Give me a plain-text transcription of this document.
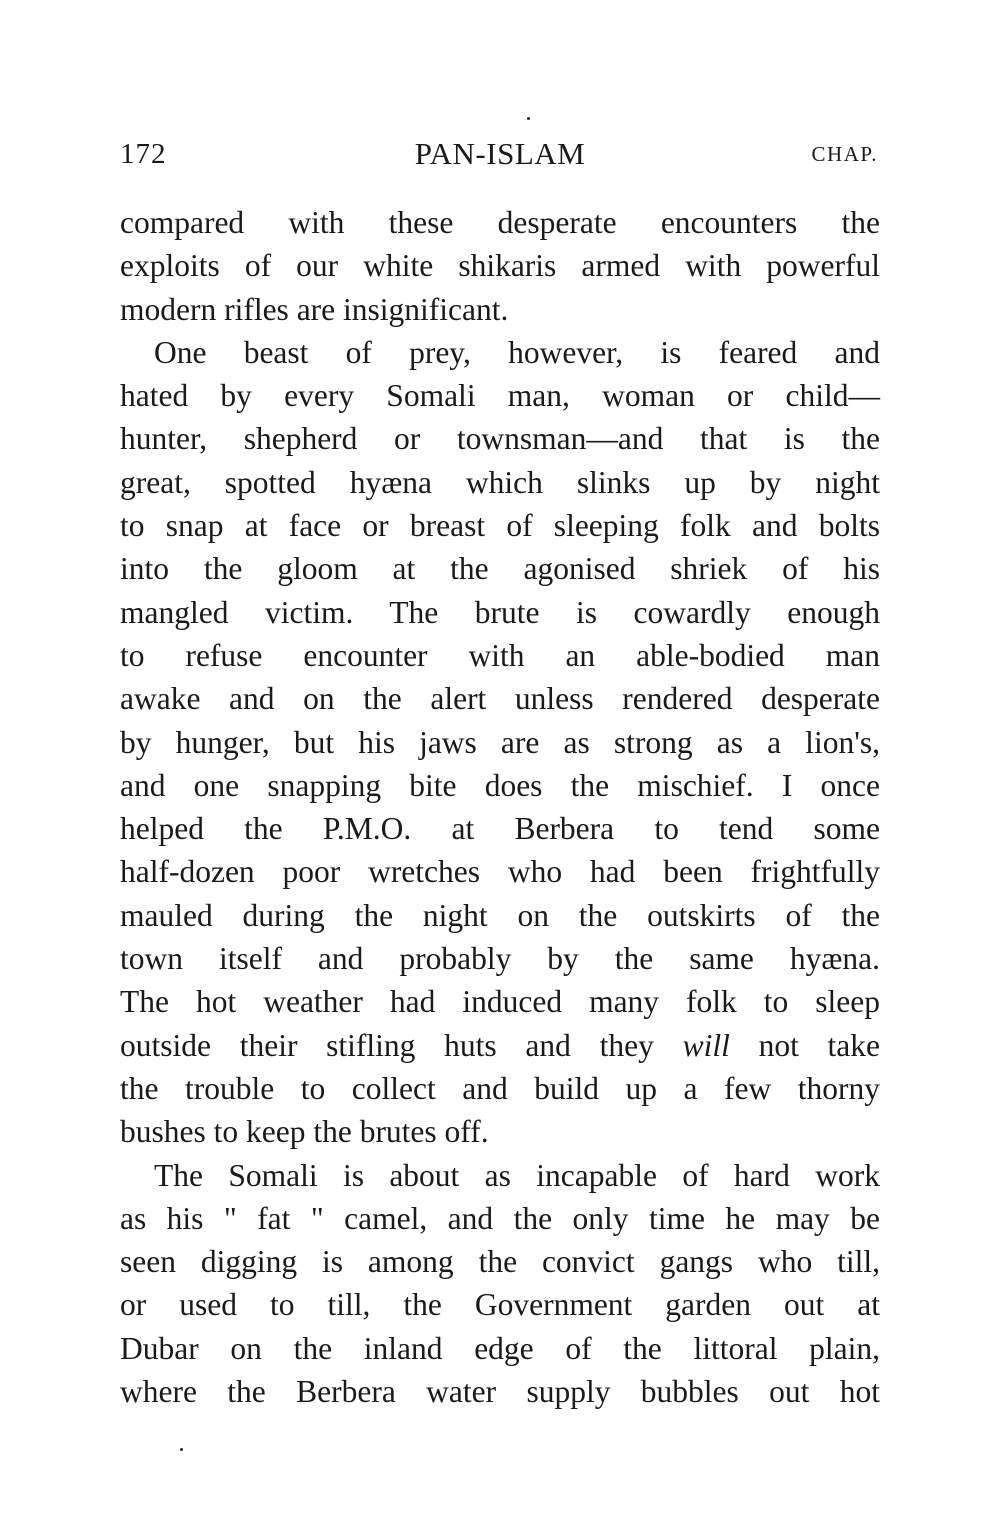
172	PAN-ISLAM	CHAP.
compared with these desperate encounters the
exploits of our white shikaris armed with powerful
modern rifles are insignificant.
One beast of prey, however, is feared and
hated by every Somali man, woman or child—
hunter, shepherd or townsman—and that is the
great, spotted hyæna which slinks up by night
to snap at face or breast of sleeping folk and bolts
into the gloom at the agonised shriek of his
mangled victim. The brute is cowardly enough
to refuse encounter with an able-bodied man
awake and on the alert unless rendered desperate
by hunger, but his jaws are as strong as a lion's,
and one snapping bite does the mischief. I once
helped the P.M.O. at Berbera to tend some
half-dozen poor wretches who had been frightfully
mauled during the night on the outskirts of the
town itself and probably by the same hyæna.
The hot weather had induced many folk to sleep
outside their stifling huts and they will not take
the trouble to collect and build up a few thorny
bushes to keep the brutes off.
The Somali is about as incapable of hard work
as his " fat " camel, and the only time he may be
seen digging is among the convict gangs who till,
or used to till, the Government garden out at
Dubar on the inland edge of the littoral plain,
where the Berbera water supply bubbles out hot
